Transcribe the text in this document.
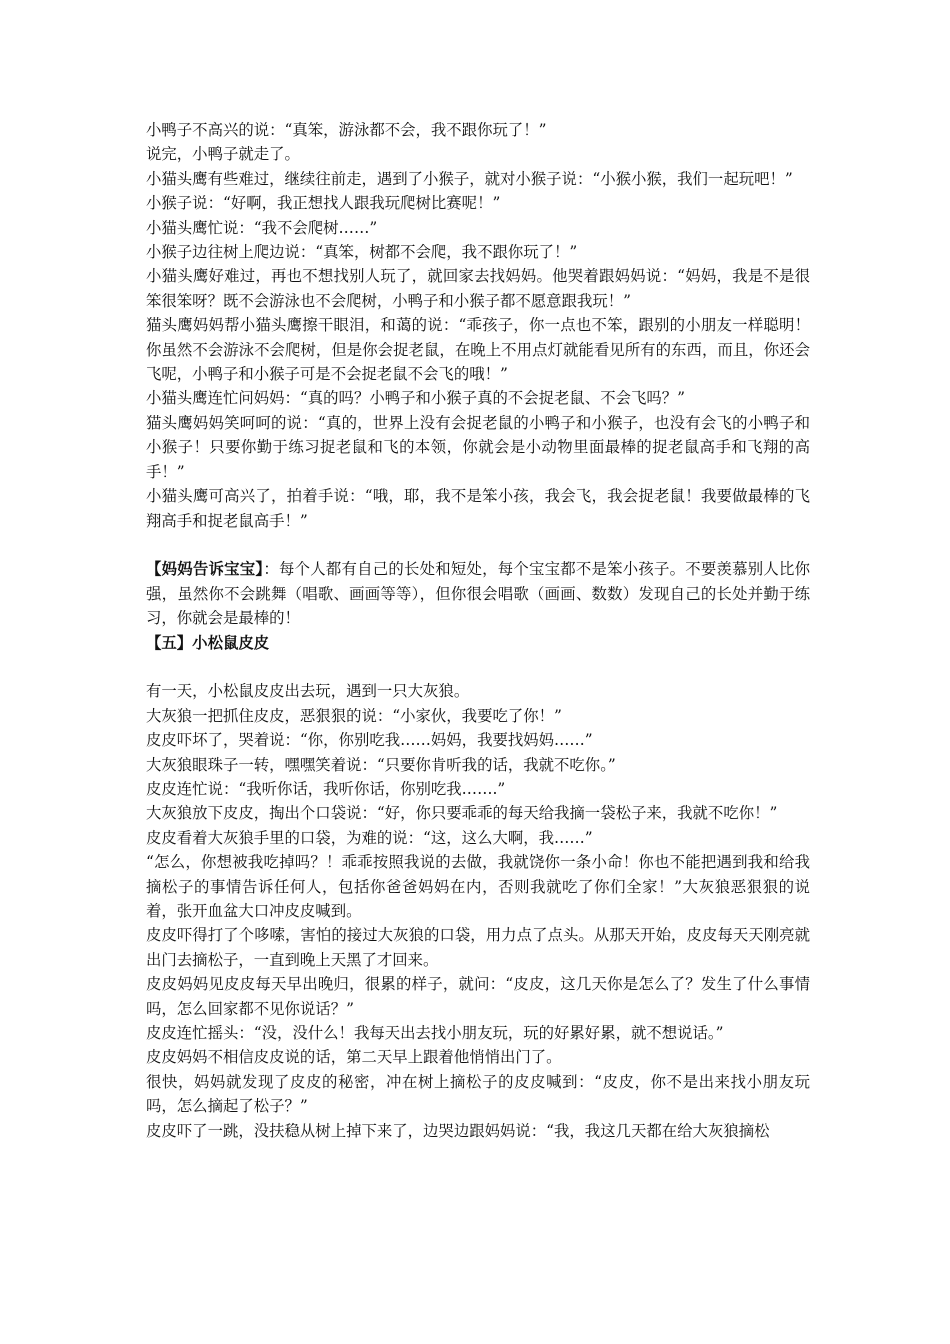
小鸭子不高兴的说：“真笨，游泳都不会，我不跟你玩了！”

说完，小鸭子就走了。

小猫头鹰有些难过，继续往前走，遇到了小猴子，就对小猴子说：“小猴小猴，我们一起玩吧！”

小猴子说：“好啊，我正想找人跟我玩爬树比赛呢！”

小猫头鹰忙说：“我不会爬树……”

小猴子边往树上爬边说：“真笨，树都不会爬，我不跟你玩了！”

小猫头鹰好难过，再也不想找别人玩了，就回家去找妈妈。他哭着跟妈妈说：“妈妈，我是不是很笨很笨呀？既不会游泳也不会爬树，小鸭子和小猴子都不愿意跟我玩！”

猫头鹰妈妈帮小猫头鹰擦干眼泪，和蔼的说：“乖孩子，你一点也不笨，跟别的小朋友一样聪明！你虽然不会游泳不会爬树，但是你会捉老鼠，在晚上不用点灯就能看见所有的东西，而且，你还会飞呢，小鸭子和小猴子可是不会捉老鼠不会飞的哦！”

小猫头鹰连忙问妈妈：“真的吗？小鸭子和小猴子真的不会捉老鼠、不会飞吗？”

猫头鹰妈妈笑呵呵的说：“真的，世界上没有会捉老鼠的小鸭子和小猴子，也没有会飞的小鸭子和小猴子！只要你勤于练习捉老鼠和飞的本领，你就会是小动物里面最棒的捉老鼠高手和飞翔的高手！”

小猫头鹰可高兴了，拍着手说：“哦，耶，我不是笨小孩，我会飞，我会捉老鼠！我要做最棒的飞翔高手和捉老鼠高手！”

【妈妈告诉宝宝】：每个人都有自己的长处和短处，每个宝宝都不是笨小孩子。不要羡慕别人比你强，虽然你不会跳舞（唱歌、画画等等），但你很会唱歌（画画、数数）发现自己的长处并勤于练习，你就会是最棒的！

【五】小松鼠皮皮

有一天，小松鼠皮皮出去玩，遇到一只大灰狼。

大灰狼一把抓住皮皮，恶狠狠的说：“小家伙，我要吃了你！”

皮皮吓坏了，哭着说：“你，你别吃我……妈妈，我要找妈妈……”

大灰狼眼珠子一转，嘿嘿笑着说：“只要你肯听我的话，我就不吃你。”

皮皮连忙说：“我听你话，我听你话，你别吃我…….”

大灰狼放下皮皮，掏出个口袋说：“好，你只要乖乖的每天给我摘一袋松子来，我就不吃你！”

皮皮看着大灰狼手里的口袋，为难的说：“这，这么大啊，我……”

“怎么，你想被我吃掉吗？！乖乖按照我说的去做，我就饶你一条小命！你也不能把遇到我和给我摘松子的事情告诉任何人，包括你爸爸妈妈在内，否则我就吃了你们全家！”大灰狼恶狠狠的说着，张开血盆大口冲皮皮喊到。

皮皮吓得打了个哆嗦，害怕的接过大灰狼的口袋，用力点了点头。从那天开始，皮皮每天天刚亮就出门去摘松子，一直到晚上天黑了才回来。

皮皮妈妈见皮皮每天早出晚归，很累的样子，就问：“皮皮，这几天你是怎么了？发生了什么事情吗，怎么回家都不见你说话？”

皮皮连忙摇头：“没，没什么！我每天出去找小朋友玩，玩的好累好累，就不想说话。”

皮皮妈妈不相信皮皮说的话，第二天早上跟着他悄悄出门了。

很快，妈妈就发现了皮皮的秘密，冲在树上摘松子的皮皮喊到：“皮皮，你不是出来找小朋友玩吗，怎么摘起了松子？”

皮皮吓了一跳，没扶稳从树上掉下来了，边哭边跟妈妈说：“我，我这几天都在给大灰狼摘松
